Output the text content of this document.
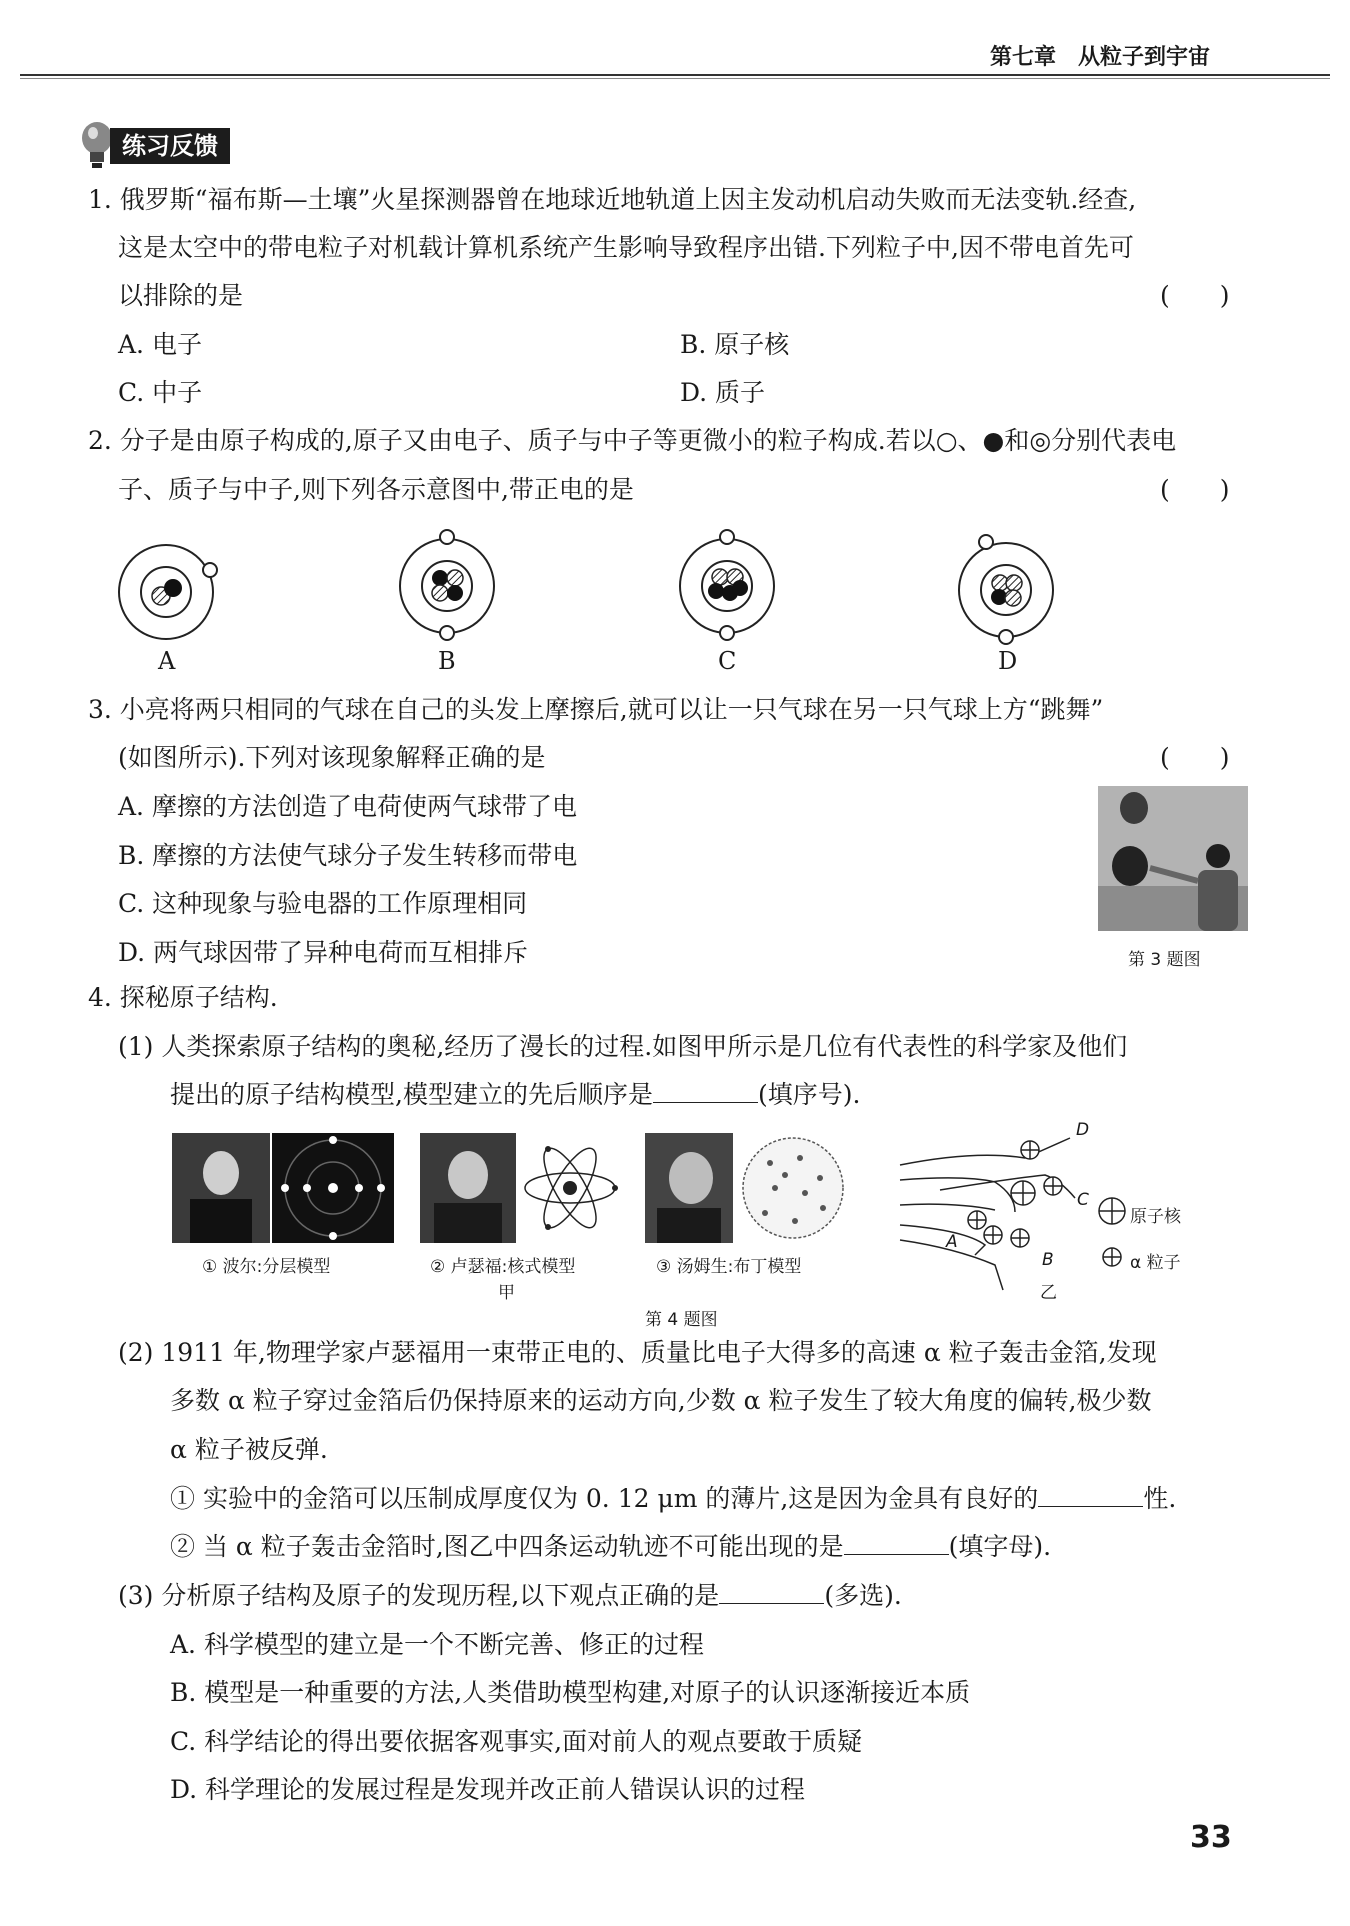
第七章　从粒子到宇宙
练习反馈
1. 俄罗斯“福布斯—土壤”火星探测器曾在地球近地轨道上因主发动机启动失败而无法变轨.经查,
这是太空中的带电粒子对机载计算机系统产生影响导致程序出错.下列粒子中,因不带电首先可
以排除的是	(　　)
A. 电子	B. 原子核
C. 中子	D. 质子
2. 分子是由原子构成的,原子又由电子、质子与中子等更微小的粒子构成.若以○、●和◎分别代表电
子、质子与中子,则下列各示意图中,带正电的是	(　　)
A	B	C	D
3. 小亮将两只相同的气球在自己的头发上摩擦后,就可以让一只气球在另一只气球上方“跳舞”
(如图所示).下列对该现象解释正确的是	(　　)
A. 摩擦的方法创造了电荷使两气球带了电
B. 摩擦的方法使气球分子发生转移而带电
C. 这种现象与验电器的工作原理相同
D. 两气球因带了异种电荷而互相排斥	第 3 题图
4. 探秘原子结构.
(1) 人类探索原子结构的奥秘,经历了漫长的过程.如图甲所示是几位有代表性的科学家及他们
提出的原子结构模型,模型建立的先后顺序是	(填序号).
① 波尔:分层模型	② 卢瑟福:核式模型	③ 汤姆生:布丁模型
甲
D
C
A
B
原子核
α 粒子
乙
第 4 题图
(2) 1911 年,物理学家卢瑟福用一束带正电的、质量比电子大得多的高速 α 粒子轰击金箔,发现
多数 α 粒子穿过金箔后仍保持原来的运动方向,少数 α 粒子发生了较大角度的偏转,极少数
α 粒子被反弹.
① 实验中的金箔可以压制成厚度仅为 0. 12 μm 的薄片,这是因为金具有良好的	性.
② 当 α 粒子轰击金箔时,图乙中四条运动轨迹不可能出现的是	(填字母).
(3) 分析原子结构及原子的发现历程,以下观点正确的是	(多选).
A. 科学模型的建立是一个不断完善、修正的过程
B. 模型是一种重要的方法,人类借助模型构建,对原子的认识逐渐接近本质
C. 科学结论的得出要依据客观事实,面对前人的观点要敢于质疑
D. 科学理论的发展过程是发现并改正前人错误认识的过程
33
